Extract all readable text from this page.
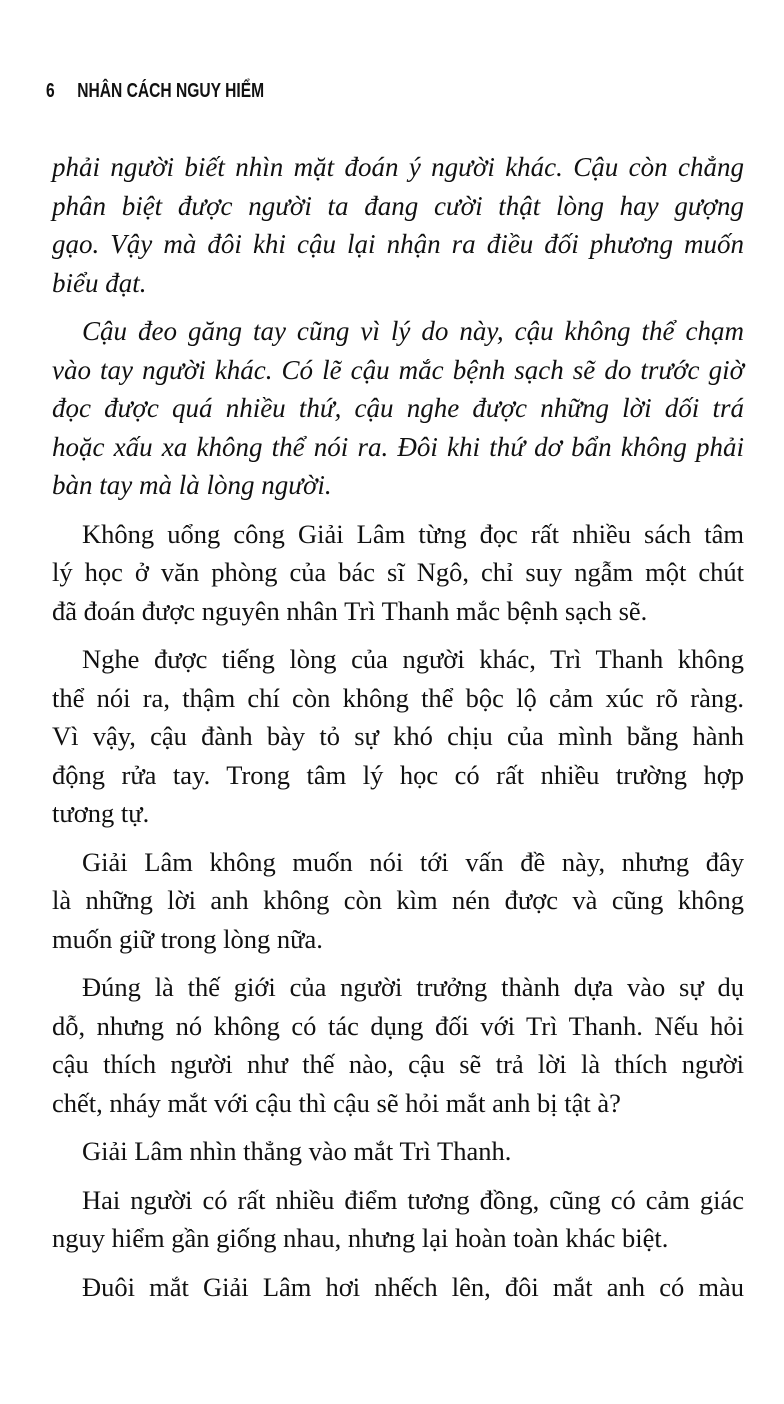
6	NHÂN CÁCH NGUY HIỂM
phải người biết nhìn mặt đoán ý người khác. Cậu còn chẳng
phân biệt được người ta đang cười thật lòng hay gượng
gạo. Vậy mà đôi khi cậu lại nhận ra điều đối phương muốn
biểu đạt.
Cậu đeo găng tay cũng vì lý do này, cậu không thể chạm
vào tay người khác. Có lẽ cậu mắc bệnh sạch sẽ do trước giờ
đọc được quá nhiều thứ, cậu nghe được những lời dối trá
hoặc xấu xa không thể nói ra. Đôi khi thứ dơ bẩn không phải
bàn tay mà là lòng người.
Không uổng công Giải Lâm từng đọc rất nhiều sách tâm
lý học ở văn phòng của bác sĩ Ngô, chỉ suy ngẫm một chút
đã đoán được nguyên nhân Trì Thanh mắc bệnh sạch sẽ.
Nghe được tiếng lòng của người khác, Trì Thanh không
thể nói ra, thậm chí còn không thể bộc lộ cảm xúc rõ ràng.
Vì vậy, cậu đành bày tỏ sự khó chịu của mình bằng hành
động rửa tay. Trong tâm lý học có rất nhiều trường hợp
tương tự.
Giải Lâm không muốn nói tới vấn đề này, nhưng đây
là những lời anh không còn kìm nén được và cũng không
muốn giữ trong lòng nữa.
Đúng là thế giới của người trưởng thành dựa vào sự dụ
dỗ, nhưng nó không có tác dụng đối với Trì Thanh. Nếu hỏi
cậu thích người như thế nào, cậu sẽ trả lời là thích người
chết, nháy mắt với cậu thì cậu sẽ hỏi mắt anh bị tật à?
Giải Lâm nhìn thẳng vào mắt Trì Thanh.
Hai người có rất nhiều điểm tương đồng, cũng có cảm giác
nguy hiểm gần giống nhau, nhưng lại hoàn toàn khác biệt.
Đuôi mắt Giải Lâm hơi nhếch lên, đôi mắt anh có màu
